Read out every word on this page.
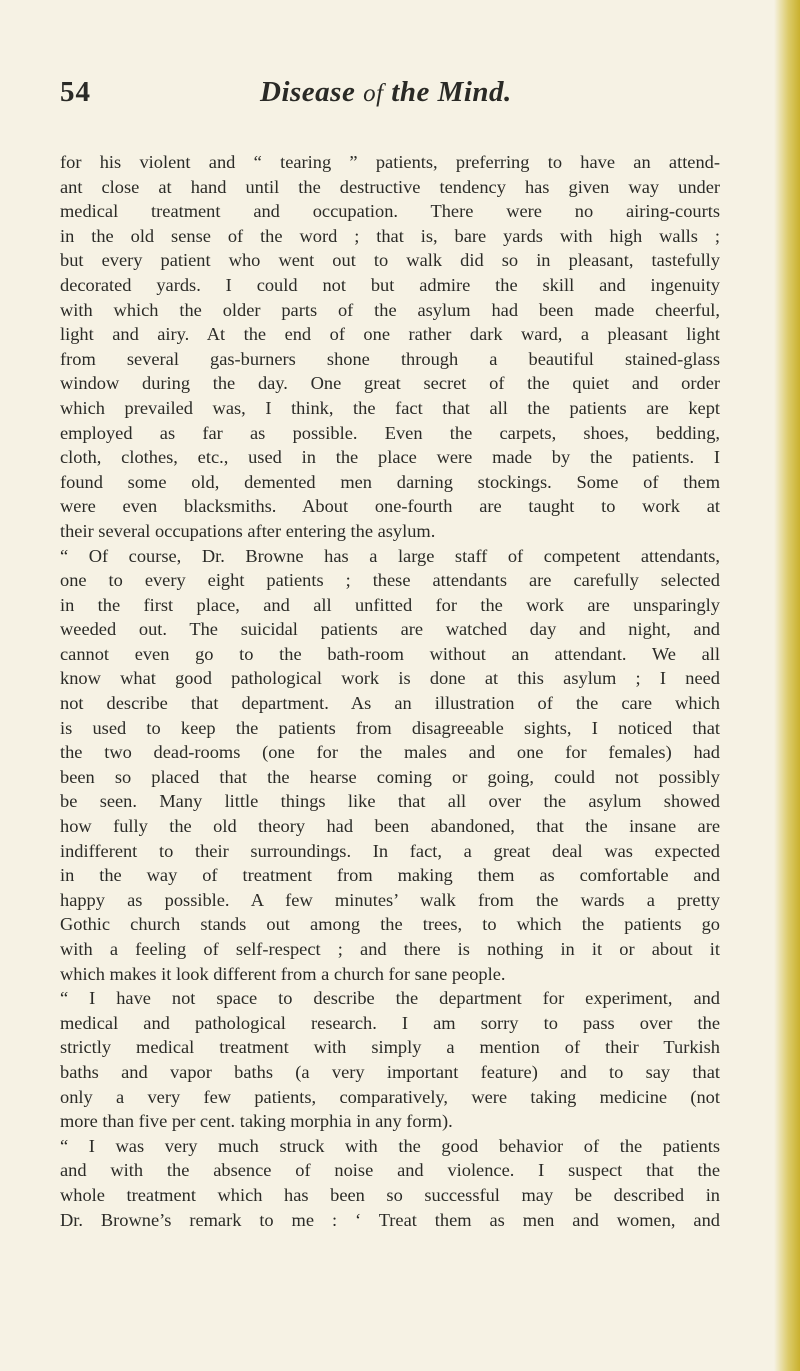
54	Disease of the Mind.
for his violent and “ tearing ” patients, preferring to have an attend-
ant close at hand until the destructive tendency has given way under
medical treatment and occupation. There were no airing-courts
in the old sense of the word ; that is, bare yards with high walls ;
but every patient who went out to walk did so in pleasant, tastefully
decorated yards. I could not but admire the skill and ingenuity
with which the older parts of the asylum had been made cheerful,
light and airy. At the end of one rather dark ward, a pleasant light
from several gas-burners shone through a beautiful stained-glass
window during the day. One great secret of the quiet and order
which prevailed was, I think, the fact that all the patients are kept
employed as far as possible. Even the carpets, shoes, bedding,
cloth, clothes, etc., used in the place were made by the patients. I
found some old, demented men darning stockings. Some of them
were even blacksmiths. About one-fourth are taught to work at
their several occupations after entering the asylum.
“ Of course, Dr. Browne has a large staff of competent attendants,
one to every eight patients ; these attendants are carefully selected
in the first place, and all unfitted for the work are unsparingly
weeded out. The suicidal patients are watched day and night, and
cannot even go to the bath-room without an attendant. We all
know what good pathological work is done at this asylum ; I need
not describe that department. As an illustration of the care which
is used to keep the patients from disagreeable sights, I noticed that
the two dead-rooms (one for the males and one for females) had
been so placed that the hearse coming or going, could not possibly
be seen. Many little things like that all over the asylum showed
how fully the old theory had been abandoned, that the insane are
indifferent to their surroundings. In fact, a great deal was expected
in the way of treatment from making them as comfortable and
happy as possible. A few minutes’ walk from the wards a pretty
Gothic church stands out among the trees, to which the patients go
with a feeling of self-respect ; and there is nothing in it or about it
which makes it look different from a church for sane people.
“ I have not space to describe the department for experiment, and
medical and pathological research. I am sorry to pass over the
strictly medical treatment with simply a mention of their Turkish
baths and vapor baths (a very important feature) and to say that
only a very few patients, comparatively, were taking medicine (not
more than five per cent. taking morphia in any form).
“ I was very much struck with the good behavior of the patients
and with the absence of noise and violence. I suspect that the
whole treatment which has been so successful may be described in
Dr. Browne’s remark to me : ‘ Treat them as men and women, and
